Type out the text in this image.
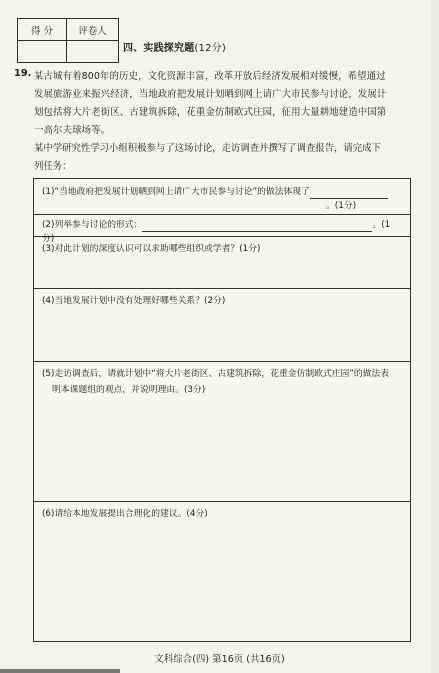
得 分	评卷人

四、实践探究题(12分)
19. 某古城有着800年的历史，文化资源丰富，改革开放后经济发展相对缓慢，希望通过

发展旅游业来振兴经济，当地政府把发展计划晒到网上请广大市民参与讨论，发展计

划包括将大片老街区、古建筑拆除，花重金仿制欧式庄园，征用大量耕地建造中国第

一高尔夫球场等。

某中学研究性学习小组积极参与了这场讨论，走访调查并撰写了调查报告，请完成下

列任务：

(1)“当地政府把发展计划晒到网上请广大市民参与讨论”的做法体现了
。(1分)
(2)列举参与讨论的形式：	。(1分)
(3)对此计划的深度认识可以求助哪些组织或学者？(1分)
(4)当地发展计划中没有处理好哪些关系？(2分)
(5)走访调查后，请就计划中“将大片老街区、古建筑拆除，花重金仿制欧式庄园”的做法表
明本课题组的观点，并说明理由。(3分)
(6)请给本地发展提出合理化的建议。(4分)
文科综合(四) 第16页 (共16页)
